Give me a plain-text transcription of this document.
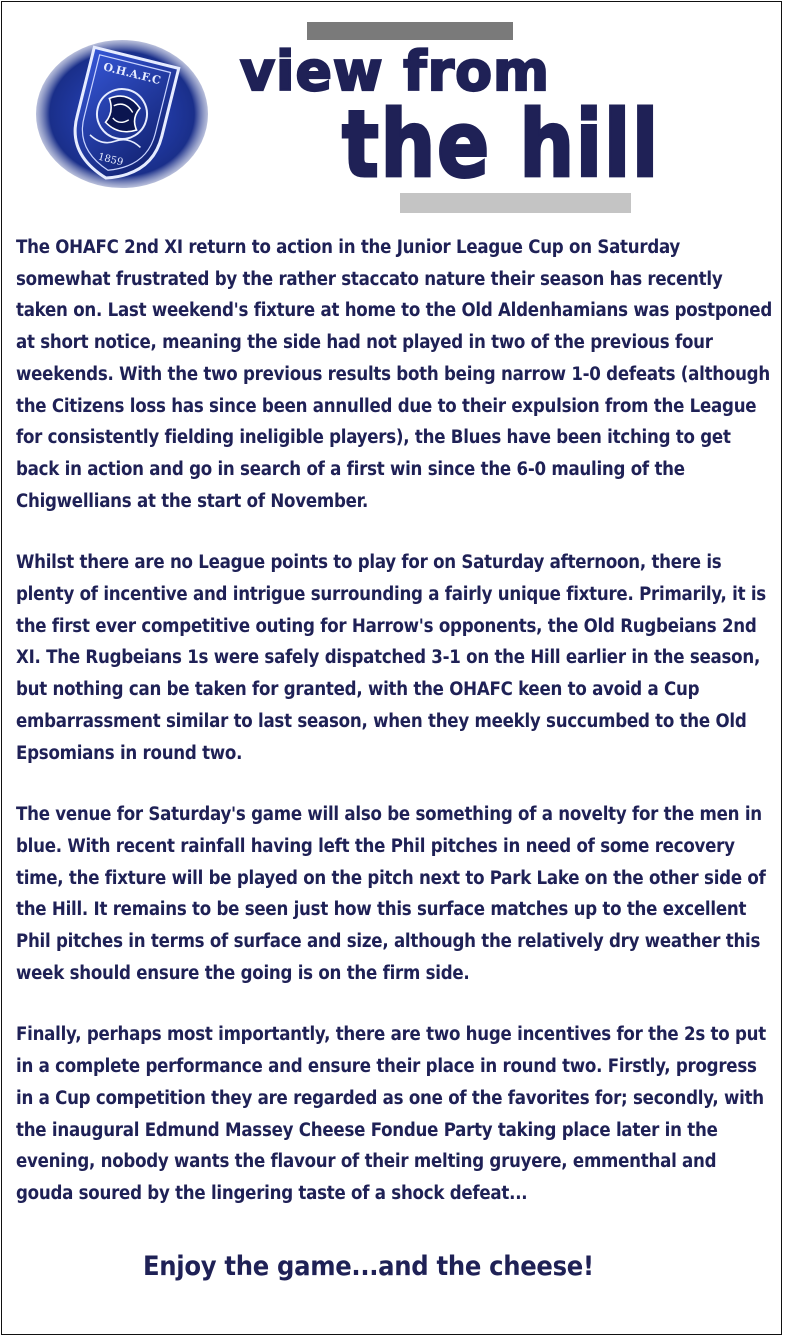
O.H.A.F.C
1859
view from
the hill

The OHAFC 2nd XI return to action in the Junior League Cup on Saturday somewhat frustrated by the rather staccato nature their season has recently taken on. Last weekend's fixture at home to the Old Aldenhamians was postponed at short notice, meaning the side had not played in two of the previous four weekends. With the two previous results both being narrow 1-0 defeats (although the Citizens loss has since been annulled due to their expulsion from the League for consistently fielding ineligible players), the Blues have been itching to get back in action and go in search of a first win since the 6-0 mauling of the Chigwellians at the start of November.

Whilst there are no League points to play for on Saturday afternoon, there is plenty of incentive and intrigue surrounding a fairly unique fixture. Primarily, it is the first ever competitive outing for Harrow's opponents, the Old Rugbeians 2nd XI. The Rugbeians 1s were safely dispatched 3-1 on the Hill earlier in the season, but nothing can be taken for granted, with the OHAFC keen to avoid a Cup embarrassment similar to last season, when they meekly succumbed to the Old Epsomians in round two.

The venue for Saturday's game will also be something of a novelty for the men in blue. With recent rainfall having left the Phil pitches in need of some recovery time, the fixture will be played on the pitch next to Park Lake on the other side of the Hill. It remains to be seen just how this surface matches up to the excellent Phil pitches in terms of surface and size, although the relatively dry weather this week should ensure the going is on the firm side.

Finally, perhaps most importantly, there are two huge incentives for the 2s to put in a complete performance and ensure their place in round two. Firstly, progress in a Cup competition they are regarded as one of the favorites for; secondly, with the inaugural Edmund Massey Cheese Fondue Party taking place later in the evening, nobody wants the flavour of their melting gruyere, emmenthal and gouda soured by the lingering taste of a shock defeat...

Enjoy the game...and the cheese!
